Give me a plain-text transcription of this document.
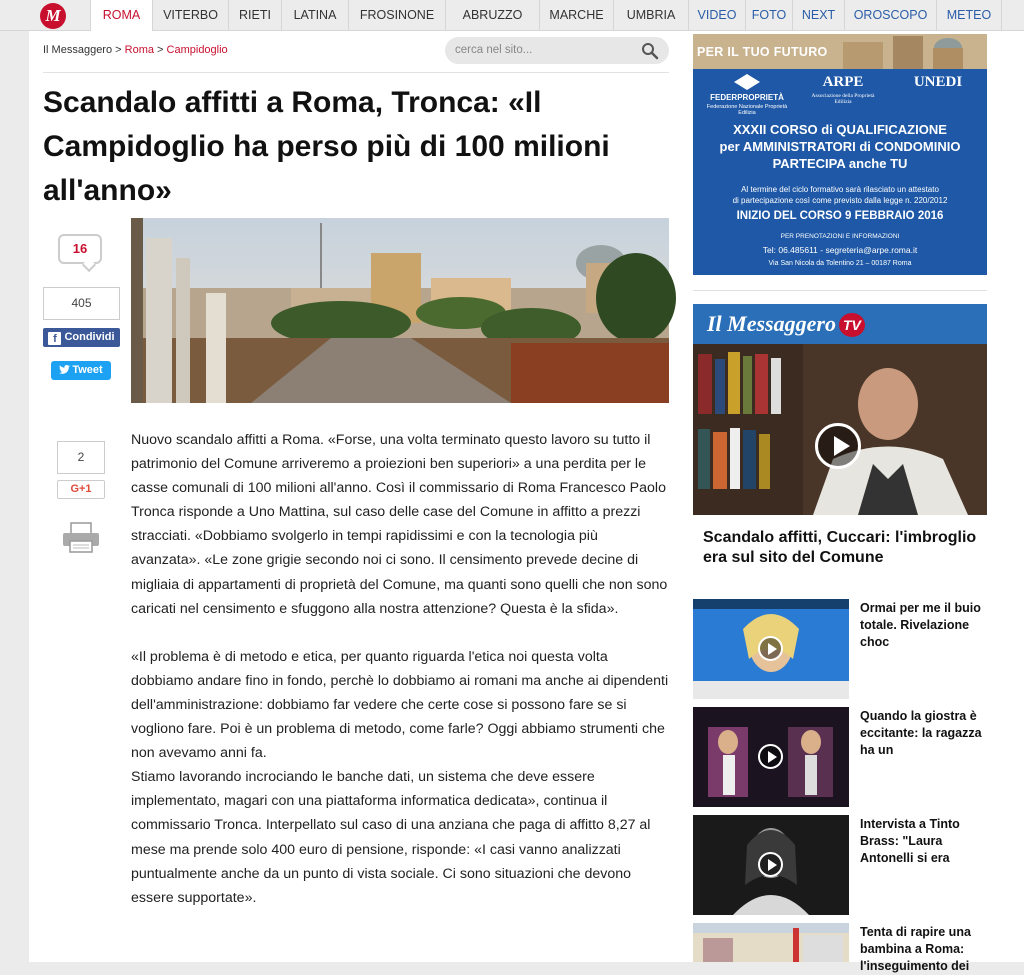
M	ROMA	VITERBO	RIETI	LATINA	FROSINONE	ABRUZZO	MARCHE	UMBRIA	VIDEO	FOTO	NEXT	OROSCOPO	METEO
Il Messaggero > Roma > Campidoglio	cerca nel sito...
Scandalo affitti a Roma, Tronca: «Il Campidoglio ha perso più di 100 milioni all'anno»
16
405
f Condividi
Tweet
2
G+1

Nuovo scandalo affitti a Roma. «Forse, una volta terminato questo lavoro su tutto il patrimonio del Comune arriveremo a proiezioni ben superiori» a una perdita per le casse comunali di 100 milioni all'anno. Così il commissario di Roma Francesco Paolo Tronca risponde a Uno Mattina, sul caso delle case del Comune in affitto a prezzi stracciati. «Dobbiamo svolgerlo in tempi rapidissimi e con la tecnologia più avanzata». «Le zone grigie secondo noi ci sono. Il censimento prevede decine di migliaia di appartamenti di proprietà del Comune, ma quanti sono quelli che non sono caricati nel censimento e sfuggono alla nostra attenzione? Questa è la sfida».

«Il problema è di metodo e etica, per quanto riguarda l'etica noi questa volta dobbiamo andare fino in fondo, perchè lo dobbiamo ai romani ma anche ai dipendenti dell'amministrazione: dobbiamo far vedere che certe cose si possono fare se si vogliono fare. Poi è un problema di metodo, come farle? Oggi abbiamo strumenti che non avevamo anni fa.

Stiamo lavorando incrociando le banche dati, un sistema che deve essere implementato, magari con una piattaforma informatica dedicata», continua il commissario Tronca. Interpellato sul caso di una anziana che paga di affitto 8,27 al mese ma prende solo 400 euro di pensione, risponde: «I casi vanno analizzati puntualmente anche da un punto di vista sociale. Ci sono situazioni che devono essere supportate».

PER IL TUO FUTURO
FEDERPROPRIETÀ
Federazione Nazionale Proprietà Edilizia
ARPE
Associazione della Proprietà Edilizia
UNEDI
XXXII CORSO di QUALIFICAZIONE
per AMMINISTRATORI di CONDOMINIO
PARTECIPA anche TU
Al termine del ciclo formativo sarà rilasciato un attestato
di partecipazione così come previsto dalla legge n. 220/2012
INIZIO DEL CORSO 9 FEBBRAIO 2016
PER PRENOTAZIONI E INFORMAZIONI
Tel: 06.485611 - segreteria@arpe.roma.it
Via San Nicola da Tolentino 21 – 00187 Roma
Il Messaggero TV
Scandalo affitti, Cuccari: l'imbroglio era sul sito del Comune
Ormai per me il buio totale. Rivelazione choc
Quando la giostra è eccitante: la ragazza ha un
Intervista a Tinto Brass: "Laura Antonelli si era
Tenta di rapire una bambina a Roma: l'inseguimento dei
